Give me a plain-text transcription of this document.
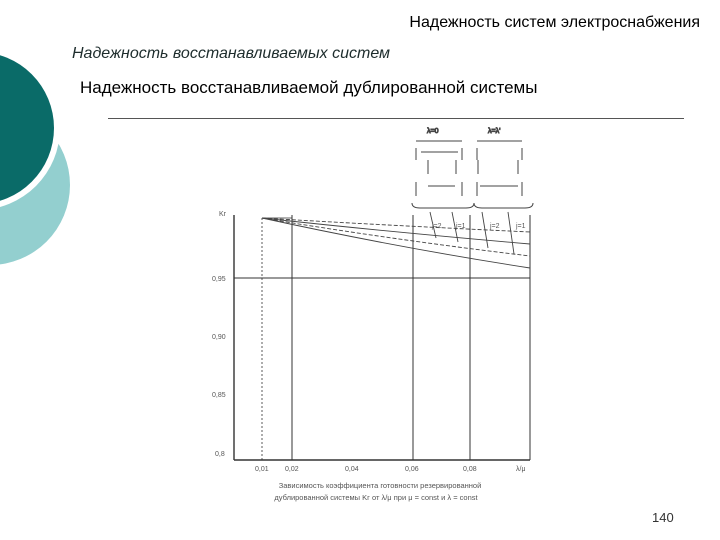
Надежность систем электроснабжения
Надежность восстанавливаемых систем
Надежность восстанавливаемой дублированной системы
λ=0	λ=λ'
j=2 j=1	j=2 j=1
Kг
0,95
0,90
0,85
0,8
0,01 0,02	0,04	0,06	0,08	λ/μ
Зависимость коэффициента готовности резервированной
дублированной системы Kг от λ/μ при μ = const и λ = const
140
